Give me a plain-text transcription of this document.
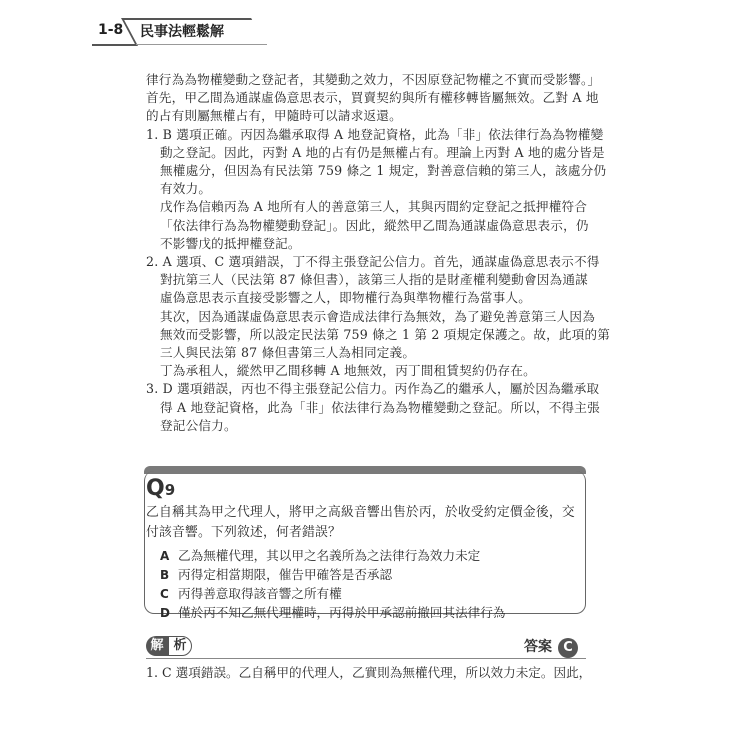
1-8 民事法輕鬆解
律行為為物權變動之登記者，其變動之效力，不因原登記物權之不實而受影響。」
首先，甲乙間為通謀虛偽意思表示，買賣契約與所有權移轉皆屬無效。乙對 A 地
的占有則屬無權占有，甲隨時可以請求返還。
1. B 選項正確。丙因為繼承取得 A 地登記資格，此為「非」依法律行為為物權變
動之登記。因此，丙對 A 地的占有仍是無權占有。理論上丙對 A 地的處分皆是
無權處分，但因為有民法第 759 條之 1 規定，對善意信賴的第三人，該處分仍
有效力。
戊作為信賴丙為 A 地所有人的善意第三人，其與丙間約定登記之抵押權符合
「依法律行為為物權變動登記」。因此，縱然甲乙間為通謀虛偽意思表示，仍
不影響戊的抵押權登記。
2. A 選項、C 選項錯誤，丁不得主張登記公信力。首先，通謀虛偽意思表示不得
對抗第三人（民法第 87 條但書），該第三人指的是財產權利變動會因為通謀
虛偽意思表示直接受影響之人，即物權行為與準物權行為當事人。
其次，因為通謀虛偽意思表示會造成法律行為無效，為了避免善意第三人因為
無效而受影響，所以設定民法第 759 條之 1 第 2 項規定保護之。故，此項的第
三人與民法第 87 條但書第三人為相同定義。
丁為承租人，縱然甲乙間移轉 A 地無效，丙丁間租賃契約仍存在。
3. D 選項錯誤，丙也不得主張登記公信力。丙作為乙的繼承人，屬於因為繼承取
得 A 地登記資格，此為「非」依法律行為為物權變動之登記。所以，不得主張
登記公信力。
Q9
乙自稱其為甲之代理人，將甲之高級音響出售於丙，於收受約定價金後，交
付該音響。下列敘述，何者錯誤？
A 乙為無權代理，其以甲之名義所為之法律行為效力未定
B 丙得定相當期限，催告甲確答是否承認
C 丙得善意取得該音響之所有權
D 僅於丙不知乙無代理權時，丙得於甲承認前撤回其法律行為
解 析	答案 C
1. C 選項錯誤。乙自稱甲的代理人，乙實則為無權代理，所以效力未定。因此，
